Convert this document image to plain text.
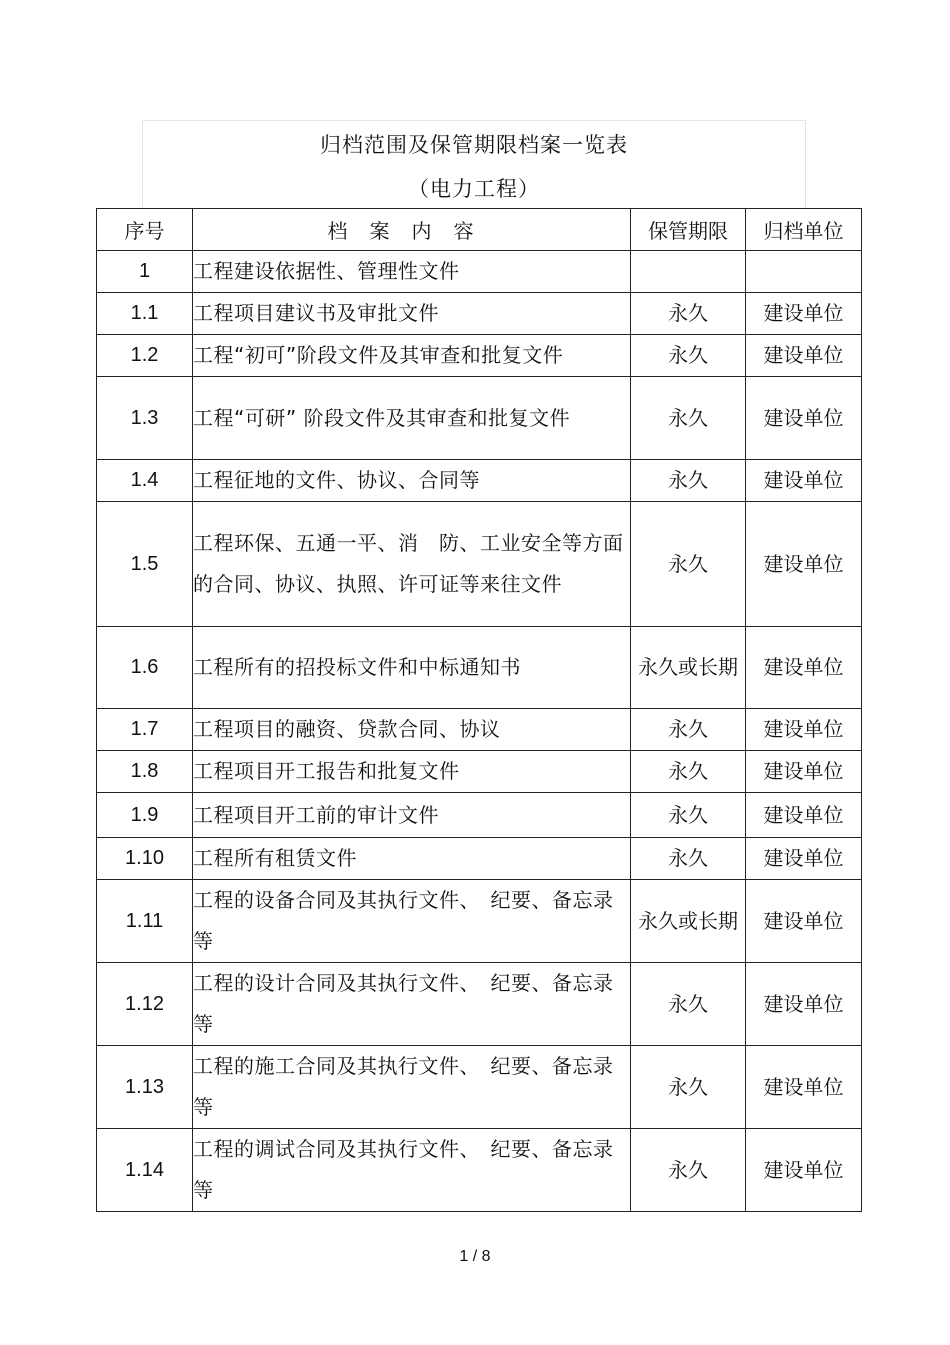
归档范围及保管期限档案一览表
（电力工程）
序号	档案内容	保管期限	归档单位
1	工程建设依据性、管理性文件		
1.1	工程项目建议书及审批文件	永久	建设单位
1.2	工程“初可”阶段文件及其审查和批复文件	永久	建设单位
1.3	工程“可研” 阶段文件及其审查和批复文件	永久	建设单位
1.4	工程征地的文件、协议、合同等	永久	建设单位
1.5	工程环保、五通一平、消　防、工业安全等方面的合同、协议、执照、许可证等来往文件	永久	建设单位
1.6	工程所有的招投标文件和中标通知书	永久或长期	建设单位
1.7	工程项目的融资、贷款合同、协议	永久	建设单位
1.8	工程项目开工报告和批复文件	永久	建设单位
1.9	工程项目开工前的审计文件	永久	建设单位
1.10	工程所有租赁文件	永久	建设单位
1.11	工程的设备合同及其执行文件、　纪要、备忘录等	永久或长期	建设单位
1.12	工程的设计合同及其执行文件、　纪要、备忘录等	永久	建设单位
1.13	工程的施工合同及其执行文件、　纪要、备忘录等	永久	建设单位
1.14	工程的调试合同及其执行文件、　纪要、备忘录等	永久	建设单位
1 / 8
